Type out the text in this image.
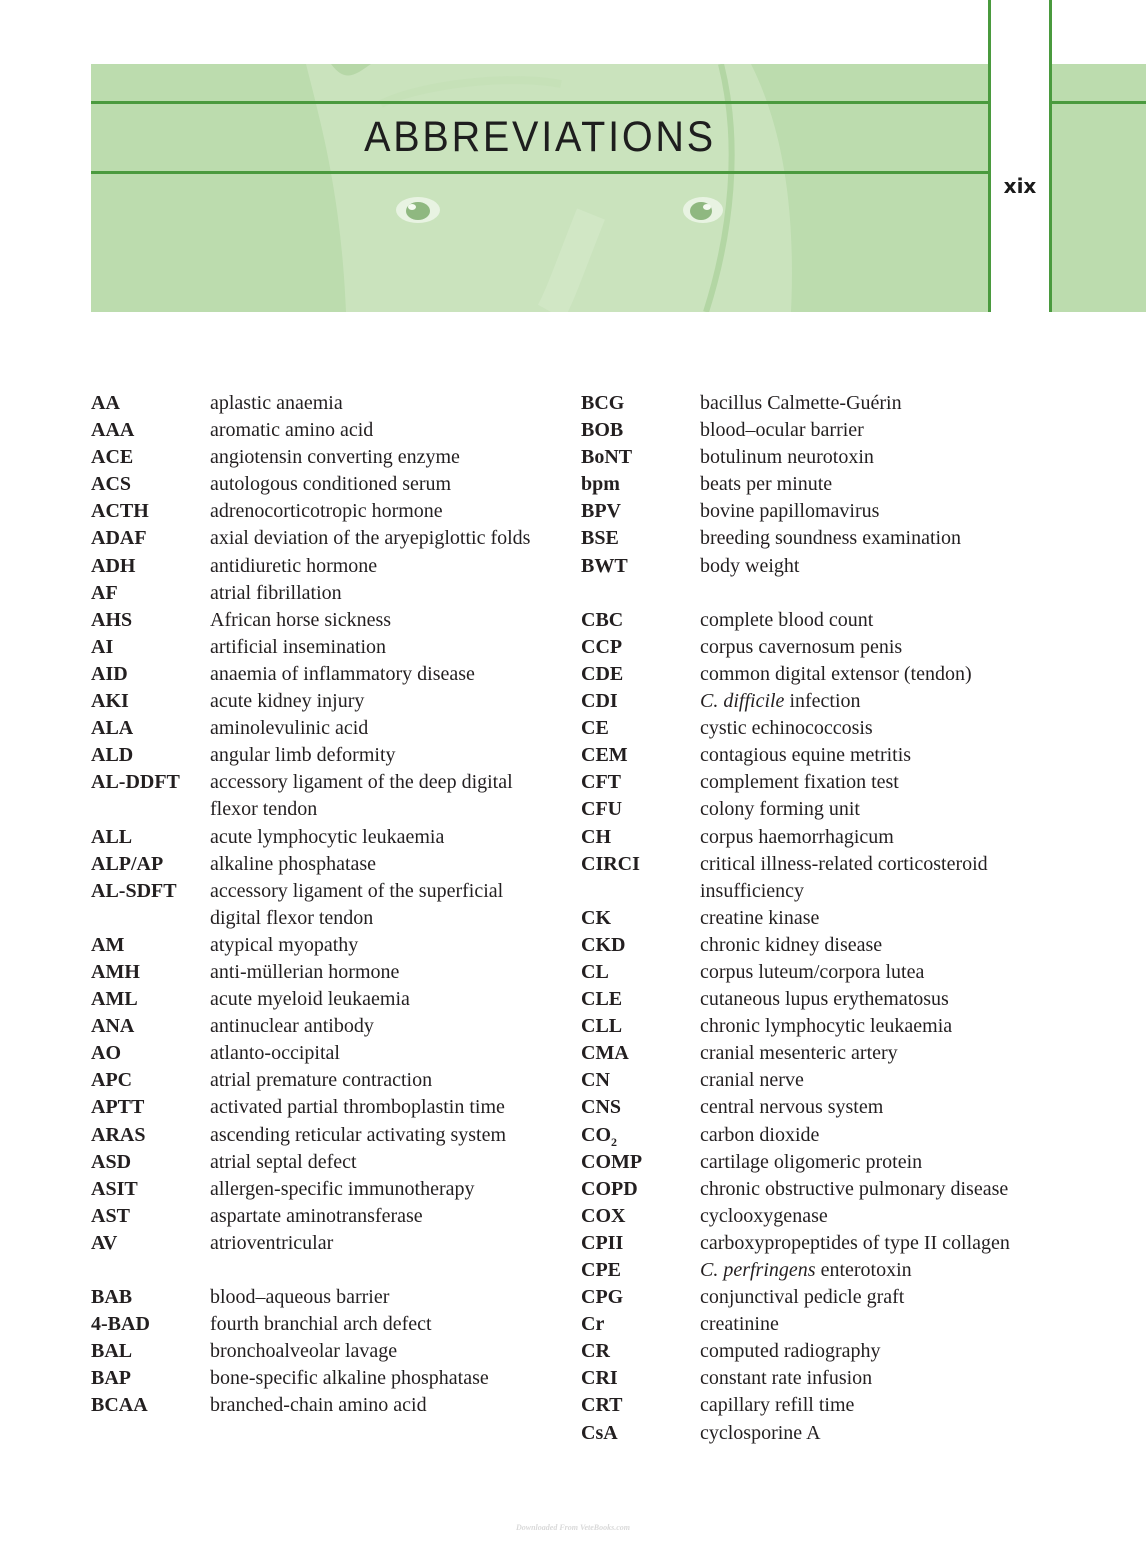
ABBREVIATIONS
xix
AA	aplastic anaemia
AAA	aromatic amino acid
ACE	angiotensin converting enzyme
ACS	autologous conditioned serum
ACTH	adrenocorticotropic hormone
ADAF	axial deviation of the aryepiglottic folds
ADH	antidiuretic hormone
AF	atrial fibrillation
AHS	African horse sickness
AI	artificial insemination
AID	anaemia of inflammatory disease
AKI	acute kidney injury
ALA	aminolevulinic acid
ALD	angular limb deformity
AL-DDFT	accessory ligament of the deep digital flexor tendon
ALL	acute lymphocytic leukaemia
ALP/AP	alkaline phosphatase
AL-SDFT	accessory ligament of the superficial digital flexor tendon
AM	atypical myopathy
AMH	anti-müllerian hormone
AML	acute myeloid leukaemia
ANA	antinuclear antibody
AO	atlanto-occipital
APC	atrial premature contraction
APTT	activated partial thromboplastin time
ARAS	ascending reticular activating system
ASD	atrial septal defect
ASIT	allergen-specific immunotherapy
AST	aspartate aminotransferase
AV	atrioventricular
BAB	blood–aqueous barrier
4-BAD	fourth branchial arch defect
BAL	bronchoalveolar lavage
BAP	bone-specific alkaline phosphatase
BCAA	branched-chain amino acid
BCG	bacillus Calmette-Guérin
BOB	blood–ocular barrier
BoNT	botulinum neurotoxin
bpm	beats per minute
BPV	bovine papillomavirus
BSE	breeding soundness examination
BWT	body weight
CBC	complete blood count
CCP	corpus cavernosum penis
CDE	common digital extensor (tendon)
CDI	C. difficile infection
CE	cystic echinococcosis
CEM	contagious equine metritis
CFT	complement fixation test
CFU	colony forming unit
CH	corpus haemorrhagicum
CIRCI	critical illness-related corticosteroid insufficiency
CK	creatine kinase
CKD	chronic kidney disease
CL	corpus luteum/corpora lutea
CLE	cutaneous lupus erythematosus
CLL	chronic lymphocytic leukaemia
CMA	cranial mesenteric artery
CN	cranial nerve
CNS	central nervous system
$CO_2$	carbon dioxide
COMP	cartilage oligomeric protein
COPD	chronic obstructive pulmonary disease
COX	cyclooxygenase
CPII	carboxypropeptides of type II collagen
CPE	C. perfringens enterotoxin
CPG	conjunctival pedicle graft
Cr	creatinine
CR	computed radiography
CRI	constant rate infusion
CRT	capillary refill time
CsA	cyclosporine A
Downloaded From VeteBooks.com
